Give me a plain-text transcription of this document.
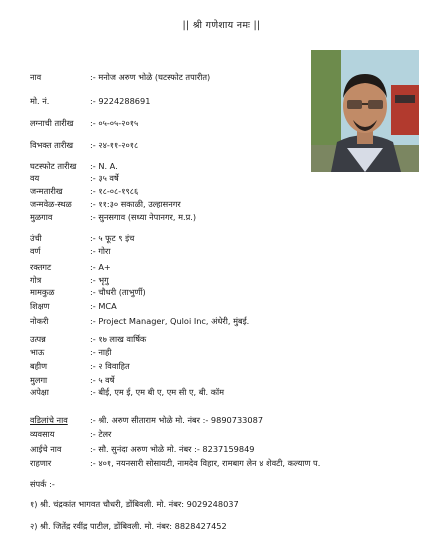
|| श्री गणेशाय नमः ||
नाव	:- मनोज अरुण भोळे (घटस्फोट तपारीत)
मो. नं.	:- 9224288691
लग्नाची तारीख :- ०५-०५-२०१५
विभक्त तारीख :- २४-११-२०१८
घटस्फोट तारीख :- N. A.
वय	:- ३५ वर्षे
जन्मतारीख	:- १८-०८-१९८६
जन्मवेळ-स्थळ :- ११:३० सकाळी, उल्हासनगर
मुळगाव	:- सुनसगाव (सध्या नेपानगर, म.प्र.)
उंची	:- ५ फूट ९ इंच
वर्ण	:- गोरा
रक्तगट	:- A+
गोत्र	:- भृगु
मामकुळ	:- चौधरी (ताभुर्णी)
शिक्षण	:- MCA
नोकरी	:- Project Manager, Quloi Inc, अंधेरी, मुंबई.
उत्पन्न	:- १७ लाख वार्षिक
भाऊ	:- नाही
बहीण	:- २ विवाहित
मुलगा	:- ५ वर्षे
अपेक्षा	:- बीई, एम ई, एम बी ए, एम सी ए, बी. कॉम
वडिलांचे नाव	:- श्री. अरुण सीताराम भोळे मो. नंबर :- 9890733087
व्यवसाय	:- टेलर
आईचे नाव	:- सौ. सुनंदा अरुण भोळे मो. नंबर :- 8237159849
राहणार	:- ४०१, नयनसारी सोसायटी, नामदेव विहार, रामबाग लेन ४ शेवटी, कल्याण प.
संपर्क :-
१) श्री. चंद्रकांत भागवत चौधरी, डोंबिवली. मो. नंबर: 9029248037
२) श्री. जितेंद्र रवींद्र पाटील, डोंबिवली. मो. नंबर: 8828427452
